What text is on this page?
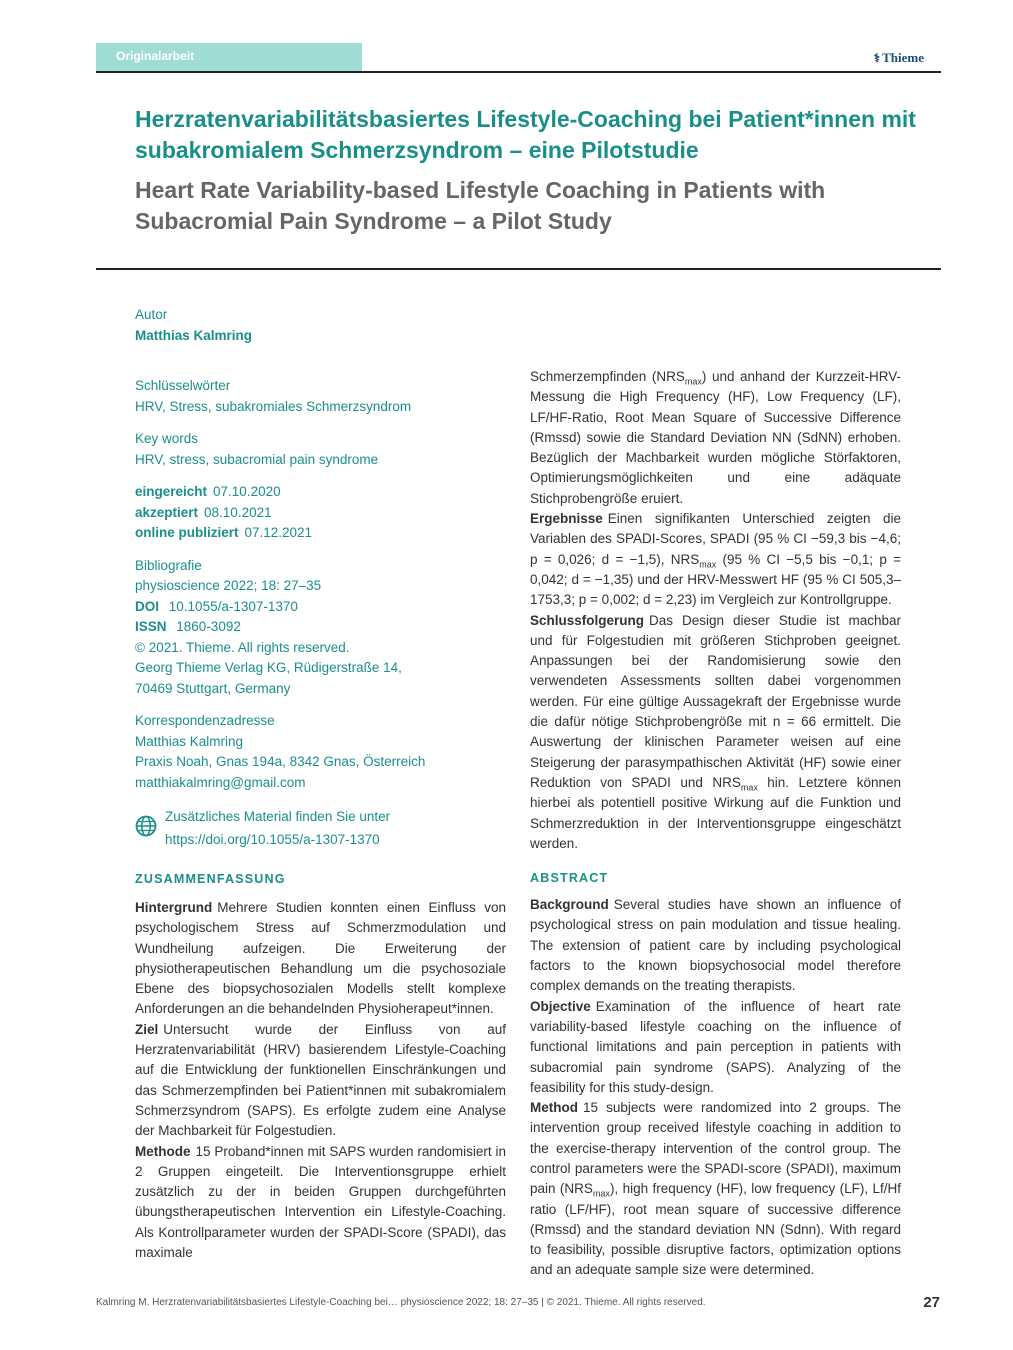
Originalarbeit	⚕ Thieme
Herzratenvariabilitätsbasiertes Lifestyle-Coaching bei Patient*innen mit subakromialem Schmerzsyndrom – eine Pilotstudie
Heart Rate Variability-based Lifestyle Coaching in Patients with Subacromial Pain Syndrome – a Pilot Study
Autor
Matthias Kalmring
Schlüsselwörter
HRV, Stress, subakromiales Schmerzsyndrom
Key words
HRV, stress, subacromial pain syndrome
eingereicht 07.10.2020
akzeptiert 08.10.2021
online publiziert 07.12.2021
Bibliografie
physioscience 2022; 18: 27–35
DOI 10.1055/a-1307-1370
ISSN 1860-3092
© 2021. Thieme. All rights reserved.
Georg Thieme Verlag KG, Rüdigerstraße 14,
70469 Stuttgart, Germany
Korrespondenzadresse
Matthias Kalmring
Praxis Noah, Gnas 194a, 8342 Gnas, Österreich
matthiakalmring@gmail.com
Zusätzliches Material finden Sie unter
https://doi.org/10.1055/a-1307-1370
ZUSAMMENFASSUNG

Hintergrund Mehrere Studien konnten einen Einfluss von psychologischem Stress auf Schmerzmodulation und Wundheilung aufzeigen. Die Erweiterung der physiotherapeutischen Behandlung um die psychosoziale Ebene des biopsychosozialen Modells stellt komplexe Anforderungen an die behandelnden Physioherapeut*innen.

Ziel Untersucht wurde der Einfluss von auf Herzratenvariabilität (HRV) basierendem Lifestyle-Coaching auf die Entwicklung der funktionellen Einschränkungen und das Schmerzempfinden bei Patient*innen mit subakromialem Schmerzsyndrom (SAPS). Es erfolgte zudem eine Analyse der Machbarkeit für Folgestudien.

Methode 15 Proband*innen mit SAPS wurden randomisiert in 2 Gruppen eingeteilt. Die Interventionsgruppe erhielt zusätzlich zu der in beiden Gruppen durchgeführten übungstherapeutischen Intervention ein Lifestyle-Coaching. Als Kontrollparameter wurden der SPADI-Score (SPADI), das maximale

Schmerzempfinden $(NRS_{max})$ und anhand der Kurzzeit-HRV-Messung die High Frequency (HF), Low Frequency (LF), LF/HF-Ratio, Root Mean Square of Successive Difference (Rmssd) sowie die Standard Deviation NN (SdNN) erhoben. Bezüglich der Machbarkeit wurden mögliche Störfaktoren, Optimierungsmöglichkeiten und eine adäquate Stichprobengröße eruiert.

Ergebnisse Einen signifikanten Unterschied zeigten die Variablen des SPADI-Scores, SPADI (95 % CI −59,3 bis −4,6; p = 0,026; d = −1,5), $NRS_{max}$ (95 % CI −5,5 bis −0,1; p = 0,042; d = −1,35) und der HRV-Messwert HF (95 % CI 505,3–1753,3; p = 0,002; d = 2,23) im Vergleich zur Kontrollgruppe.

Schlussfolgerung Das Design dieser Studie ist machbar und für Folgestudien mit größeren Stichproben geeignet. Anpassungen bei der Randomisierung sowie den verwendeten Assessments sollten dabei vorgenommen werden. Für eine gültige Aussagekraft der Ergebnisse wurde die dafür nötige Stichprobengröße mit n = 66 ermittelt. Die Auswertung der klinischen Parameter weisen auf eine Steigerung der parasympathischen Aktivität (HF) sowie einer Reduktion von SPADI und $NRS_{max}$ hin. Letztere können hierbei als potentiell positive Wirkung auf die Funktion und Schmerzreduktion in der Interventionsgruppe eingeschätzt werden.

ABSTRACT

Background Several studies have shown an influence of psychological stress on pain modulation and tissue healing. The extension of patient care by including psychological factors to the known biopsychosocial model therefore complex demands on the treating therapists.

Objective Examination of the influence of heart rate variability-based lifestyle coaching on the influence of functional limitations and pain perception in patients with subacromial pain syndrome (SAPS). Analyzing of the feasibility for this study-design.

Method 15 subjects were randomized into 2 groups. The intervention group received lifestyle coaching in addition to the exercise-therapy intervention of the control group. The control parameters were the SPADI-score (SPADI), maximum pain $(NRS_{max})$, high frequency (HF), low frequency (LF), Lf/Hf ratio (LF/HF), root mean square of successive difference (Rmssd) and the standard deviation NN (Sdnn). With regard to feasibility, possible disruptive factors, optimization options and an adequate sample size were determined.

Kalmring M. Herzratenvariabilitätsbasiertes Lifestyle-Coaching bei… physioscience 2022; 18: 27–35 | © 2021. Thieme. All rights reserved.	27
